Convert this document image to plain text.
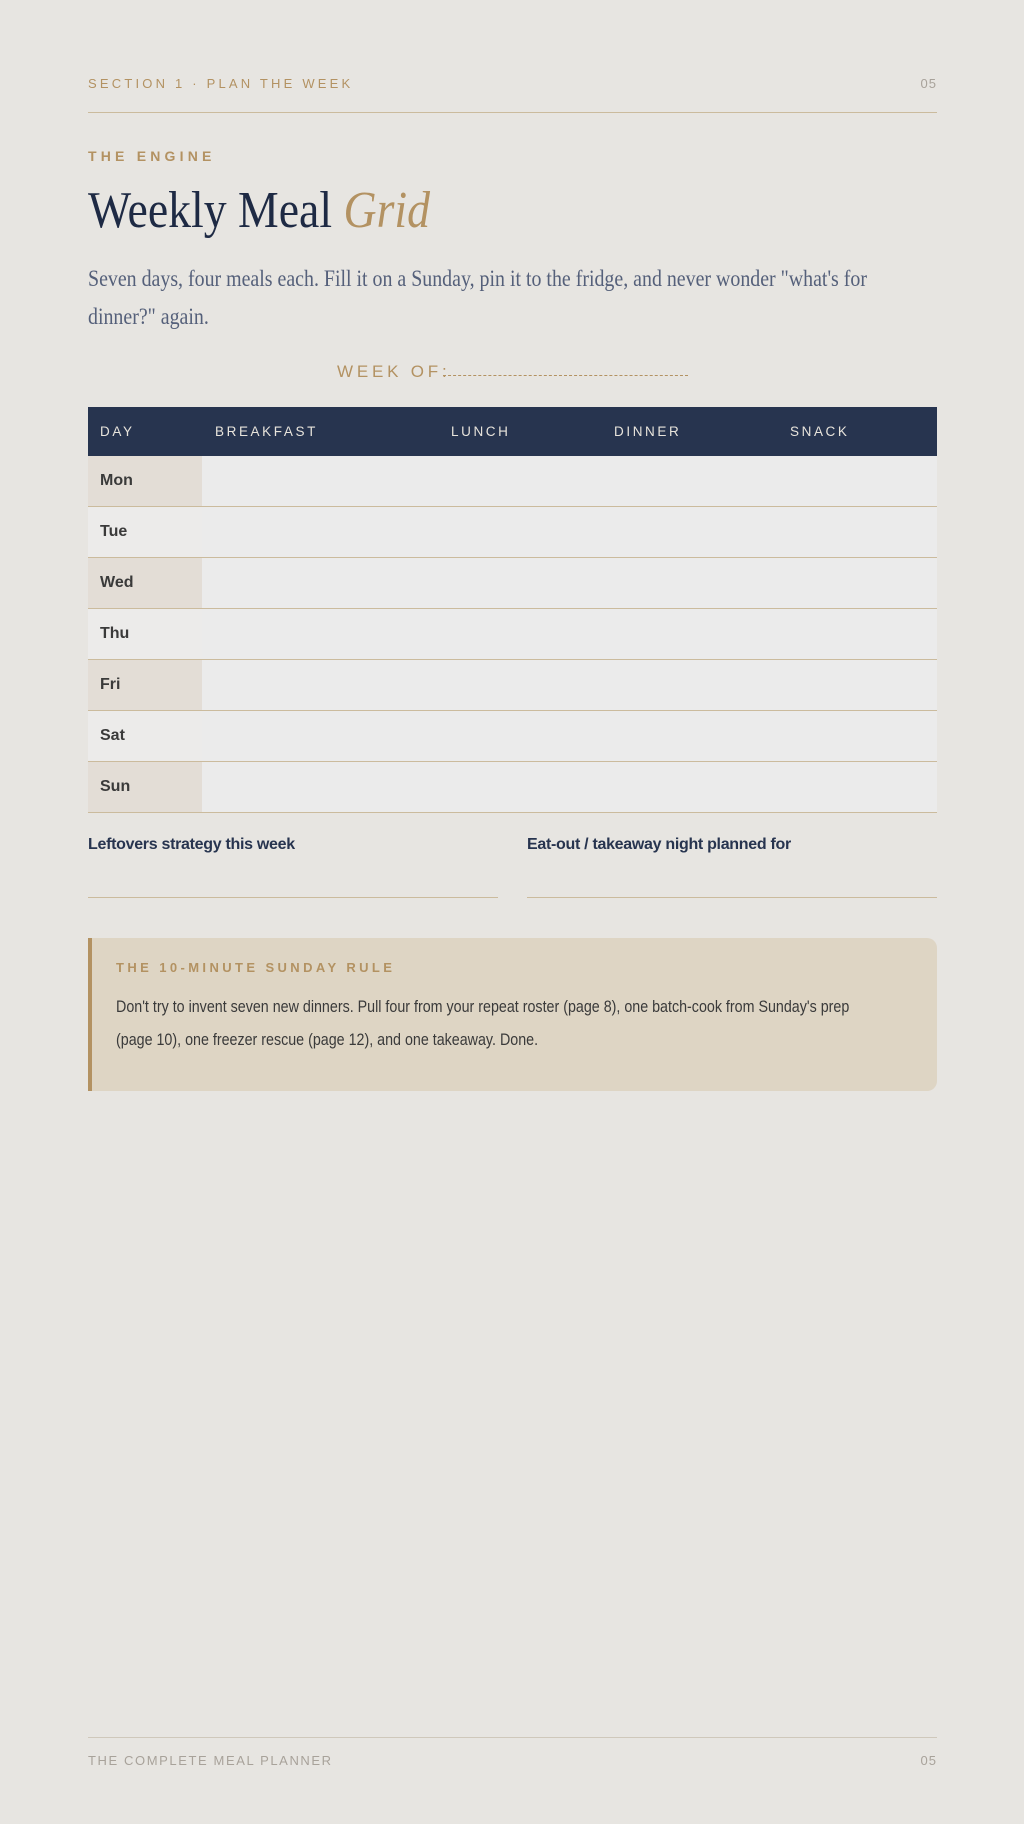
SECTION 1 · PLAN THE WEEK	05
THE ENGINE
Weekly Meal Grid
Seven days, four meals each. Fill it on a Sunday, pin it to the fridge, and never wonder "what's for dinner?" again.
WEEK OF:
DAY	BREAKFAST	LUNCH	DINNER	SNACK
Mon
Tue
Wed
Thu
Fri
Sat
Sun
Leftovers strategy this week	Eat-out / takeaway night planned for
THE 10-MINUTE SUNDAY RULE
Don't try to invent seven new dinners. Pull four from your repeat roster (page 8), one batch-cook from Sunday's prep (page 10), one freezer rescue (page 12), and one takeaway. Done.
THE COMPLETE MEAL PLANNER	05
